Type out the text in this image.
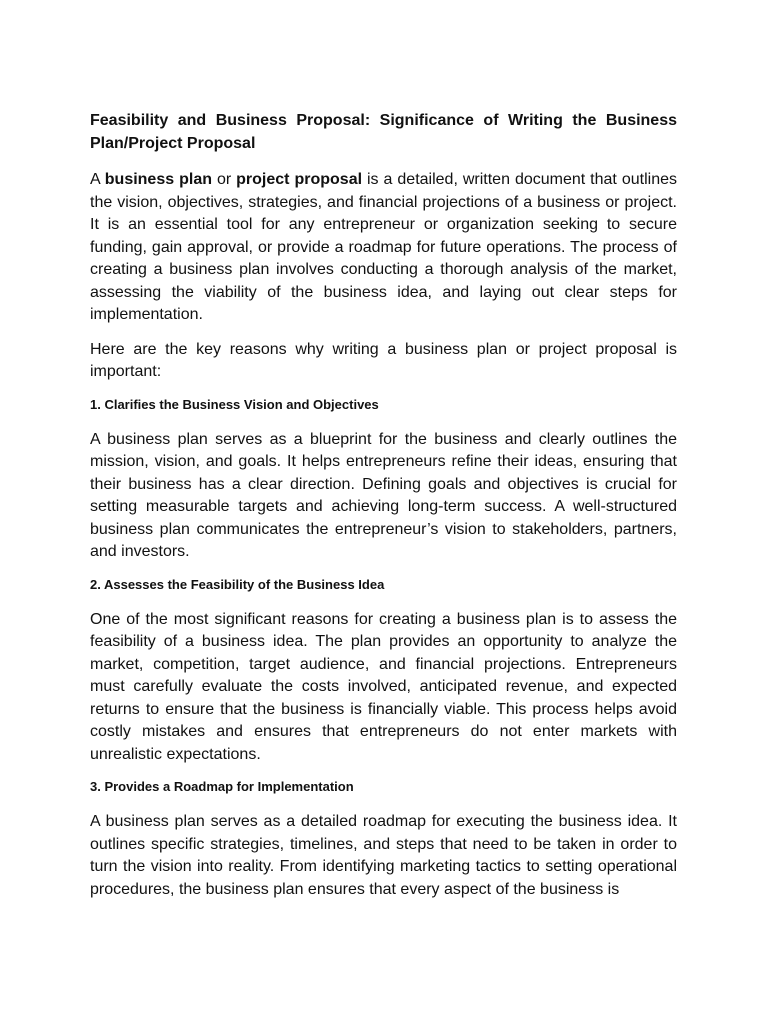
Feasibility and Business Proposal: Significance of Writing the Business Plan/Project Proposal

A business plan or project proposal is a detailed, written document that outlines the vision, objectives, strategies, and financial projections of a business or project. It is an essential tool for any entrepreneur or organization seeking to secure funding, gain approval, or provide a roadmap for future operations. The process of creating a business plan involves conducting a thorough analysis of the market, assessing the viability of the business idea, and laying out clear steps for implementation.

Here are the key reasons why writing a business plan or project proposal is important:

1. Clarifies the Business Vision and Objectives

A business plan serves as a blueprint for the business and clearly outlines the mission, vision, and goals. It helps entrepreneurs refine their ideas, ensuring that their business has a clear direction. Defining goals and objectives is crucial for setting measurable targets and achieving long-term success. A well-structured business plan communicates the entrepreneur’s vision to stakeholders, partners, and investors.

2. Assesses the Feasibility of the Business Idea

One of the most significant reasons for creating a business plan is to assess the feasibility of a business idea. The plan provides an opportunity to analyze the market, competition, target audience, and financial projections. Entrepreneurs must carefully evaluate the costs involved, anticipated revenue, and expected returns to ensure that the business is financially viable. This process helps avoid costly mistakes and ensures that entrepreneurs do not enter markets with unrealistic expectations.

3. Provides a Roadmap for Implementation

A business plan serves as a detailed roadmap for executing the business idea. It outlines specific strategies, timelines, and steps that need to be taken in order to turn the vision into reality. From identifying marketing tactics to setting operational procedures, the business plan ensures that every aspect of the business is
